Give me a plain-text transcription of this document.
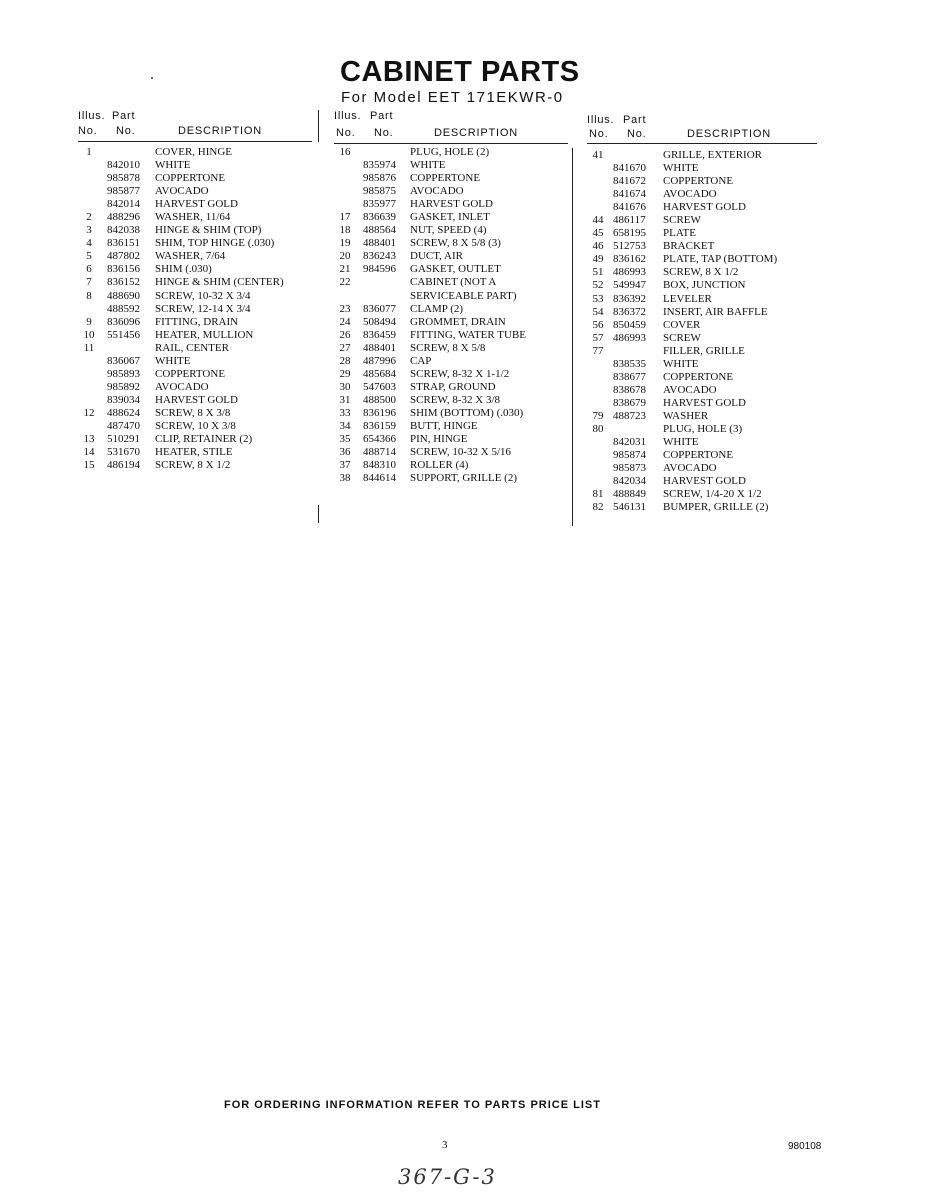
CABINET PARTS
For Model EET 171EKWR-0
Illus. Part
No. No.	DESCRIPTION
1	COVER, HINGE
842010 WHITE
985878 COPPERTONE
985877 AVOCADO
842014 HARVEST GOLD
2	488296 WASHER, 11/64
3	842038 HINGE & SHIM (TOP)
4	836151 SHIM, TOP HINGE (.030)
5	487802 WASHER, 7/64
6	836156 SHIM (.030)
7	836152 HINGE & SHIM (CENTER)
8	488690 SCREW, 10-32 X 3/4
488592 SCREW, 12-14 X 3/4
9	836096 FITTING, DRAIN
10	551456 HEATER, MULLION
11	RAIL, CENTER
836067 WHITE
985893 COPPERTONE
985892 AVOCADO
839034 HARVEST GOLD
12	488624 SCREW, 8 X 3/8
487470 SCREW, 10 X 3/8
13	510291 CLIP, RETAINER (2)
14	531670 HEATER, STILE
15	486194 SCREW, 8 X 1/2
Illus. Part
No. No.	DESCRIPTION
16	PLUG, HOLE (2)
835974 WHITE
985876 COPPERTONE
985875 AVOCADO
835977 HARVEST GOLD
17	836639 GASKET, INLET
18	488564 NUT, SPEED (4)
19	488401 SCREW, 8 X 5/8 (3)
20	836243 DUCT, AIR
21	984596 GASKET, OUTLET
22	CABINET (NOT A
SERVICEABLE PART)
23	836077 CLAMP (2)
24	508494 GROMMET, DRAIN
26	836459 FITTING, WATER TUBE
27	488401 SCREW, 8 X 5/8
28	487996 CAP
29	485684 SCREW, 8-32 X 1-1/2
30	547603 STRAP, GROUND
31	488500 SCREW, 8-32 X 3/8
33	836196 SHIM (BOTTOM) (.030)
34	836159 BUTT, HINGE
35	654366 PIN, HINGE
36	488714 SCREW, 10-32 X 5/16
37	848310 ROLLER (4)
38	844614 SUPPORT, GRILLE (2)
Illus. Part
No. No.	DESCRIPTION
41	GRILLE, EXTERIOR
841670 WHITE
841672 COPPERTONE
841674 AVOCADO
841676 HARVEST GOLD
44 486117 SCREW
45 658195 PLATE
46 512753 BRACKET
49 836162 PLATE, TAP (BOTTOM)
51 486993 SCREW, 8 X 1/2
52 549947 BOX, JUNCTION
53 836392 LEVELER
54 836372 INSERT, AIR BAFFLE
56 850459 COVER
57 486993 SCREW
77	FILLER, GRILLE
838535 WHITE
838677 COPPERTONE
838678 AVOCADO
838679 HARVEST GOLD
79 488723 WASHER
80	PLUG, HOLE (3)
842031 WHITE
985874 COPPERTONE
985873 AVOCADO
842034 HARVEST GOLD
81 488849 SCREW, 1/4-20 X 1/2
82 546131 BUMPER, GRILLE (2)
FOR ORDERING INFORMATION REFER TO PARTS PRICE LIST
3	980108
367-G-3
